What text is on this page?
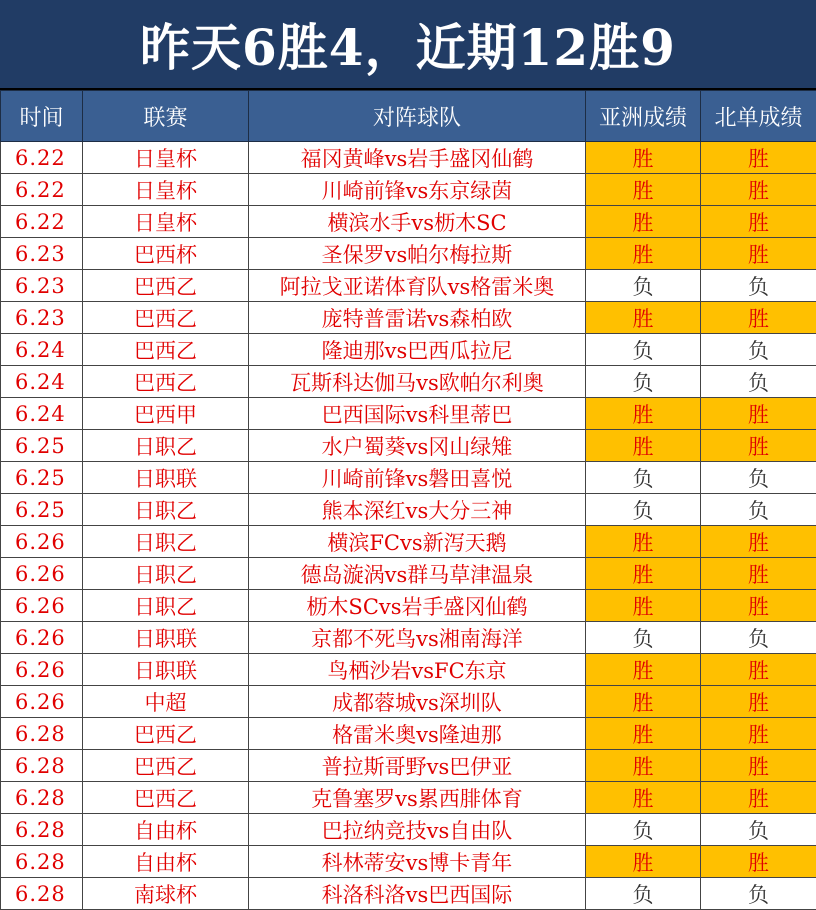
昨天6胜4，近期12胜9
时间	联赛	对阵球队	亚洲成绩	北单成绩
6.22	日皇杯	福冈黄峰vs岩手盛冈仙鹤	胜	胜
6.22	日皇杯	川崎前锋vs东京绿茵	胜	胜
6.22	日皇杯	横滨水手vs枥木SC	胜	胜
6.23	巴西杯	圣保罗vs帕尔梅拉斯	胜	胜
6.23	巴西乙	阿拉戈亚诺体育队vs格雷米奥	负	负
6.23	巴西乙	庞特普雷诺vs森柏欧	胜	胜
6.24	巴西乙	隆迪那vs巴西瓜拉尼	负	负
6.24	巴西乙	瓦斯科达伽马vs欧帕尔利奥	负	负
6.24	巴西甲	巴西国际vs科里蒂巴	胜	胜
6.25	日职乙	水户蜀葵vs冈山绿雉	胜	胜
6.25	日职联	川崎前锋vs磐田喜悦	负	负
6.25	日职乙	熊本深红vs大分三神	负	负
6.26	日职乙	横滨FCvs新泻天鹅	胜	胜
6.26	日职乙	德岛漩涡vs群马草津温泉	胜	胜
6.26	日职乙	枥木SCvs岩手盛冈仙鹤	胜	胜
6.26	日职联	京都不死鸟vs湘南海洋	负	负
6.26	日职联	鸟栖沙岩vsFC东京	胜	胜
6.26	中超	成都蓉城vs深圳队	胜	胜
6.28	巴西乙	格雷米奥vs隆迪那	胜	胜
6.28	巴西乙	普拉斯哥野vs巴伊亚	胜	胜
6.28	巴西乙	克鲁塞罗vs累西腓体育	胜	胜
6.28	自由杯	巴拉纳竞技vs自由队	负	负
6.28	自由杯	科林蒂安vs博卡青年	胜	胜
6.28	南球杯	科洛科洛vs巴西国际	负	负
